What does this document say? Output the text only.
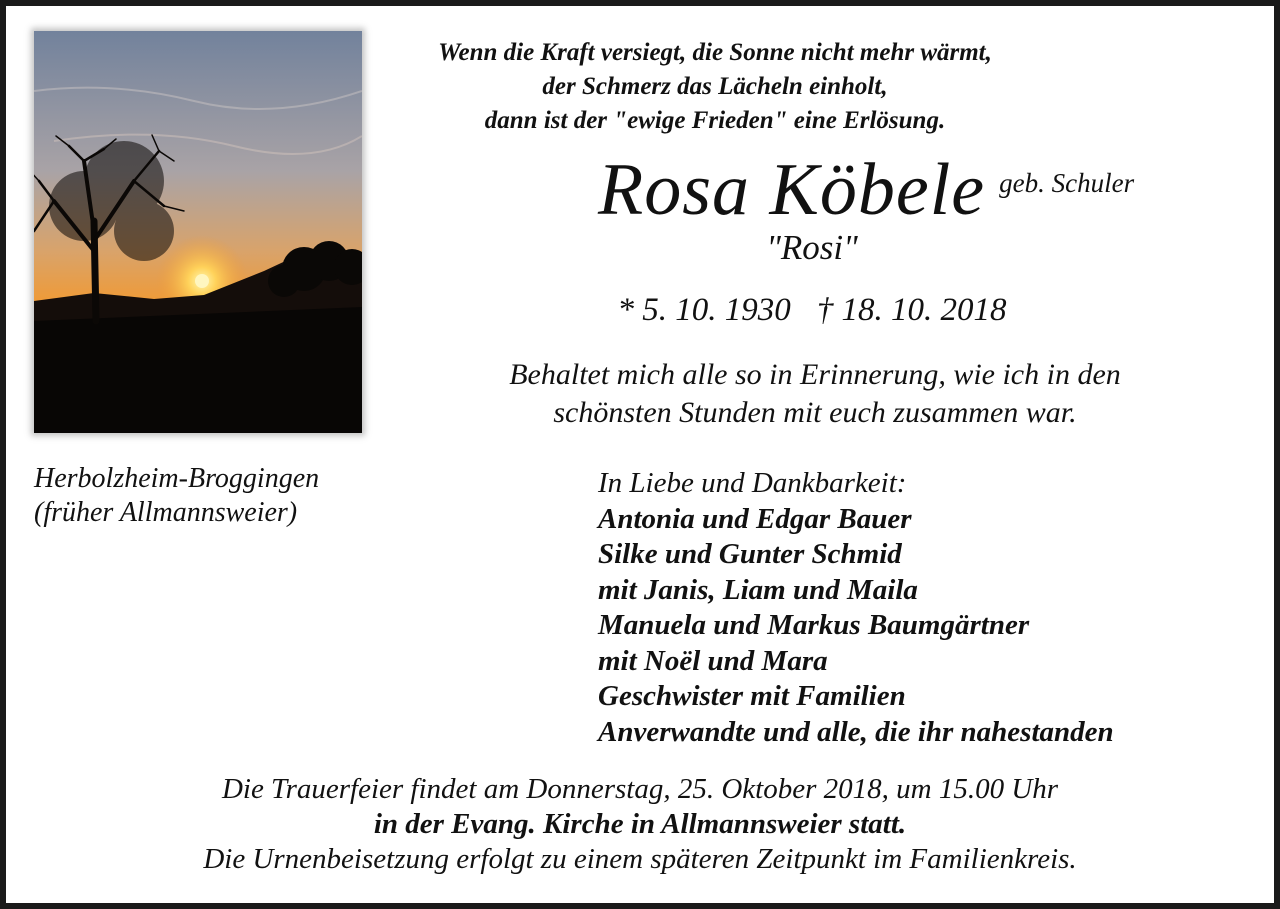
Wenn die Kraft versiegt, die Sonne nicht mehr wärmt,
der Schmerz das Lächeln einholt,
dann ist der "ewige Frieden" eine Erlösung.
Rosa Köbele geb. Schuler
"Rosi"
* 5. 10. 1930 † 18. 10. 2018
Behaltet mich alle so in Erinnerung, wie ich in den
schönsten Stunden mit euch zusammen war.
Herbolzheim-Broggingen
(früher Allmannsweier)
In Liebe und Dankbarkeit:
Antonia und Edgar Bauer
Silke und Gunter Schmid
mit Janis, Liam und Maila
Manuela und Markus Baumgärtner
mit Noël und Mara
Geschwister mit Familien
Anverwandte und alle, die ihr nahestanden
Die Trauerfeier findet am Donnerstag, 25. Oktober 2018, um 15.00 Uhr
in der Evang. Kirche in Allmannsweier statt.
Die Urnenbeisetzung erfolgt zu einem späteren Zeitpunkt im Familienkreis.
